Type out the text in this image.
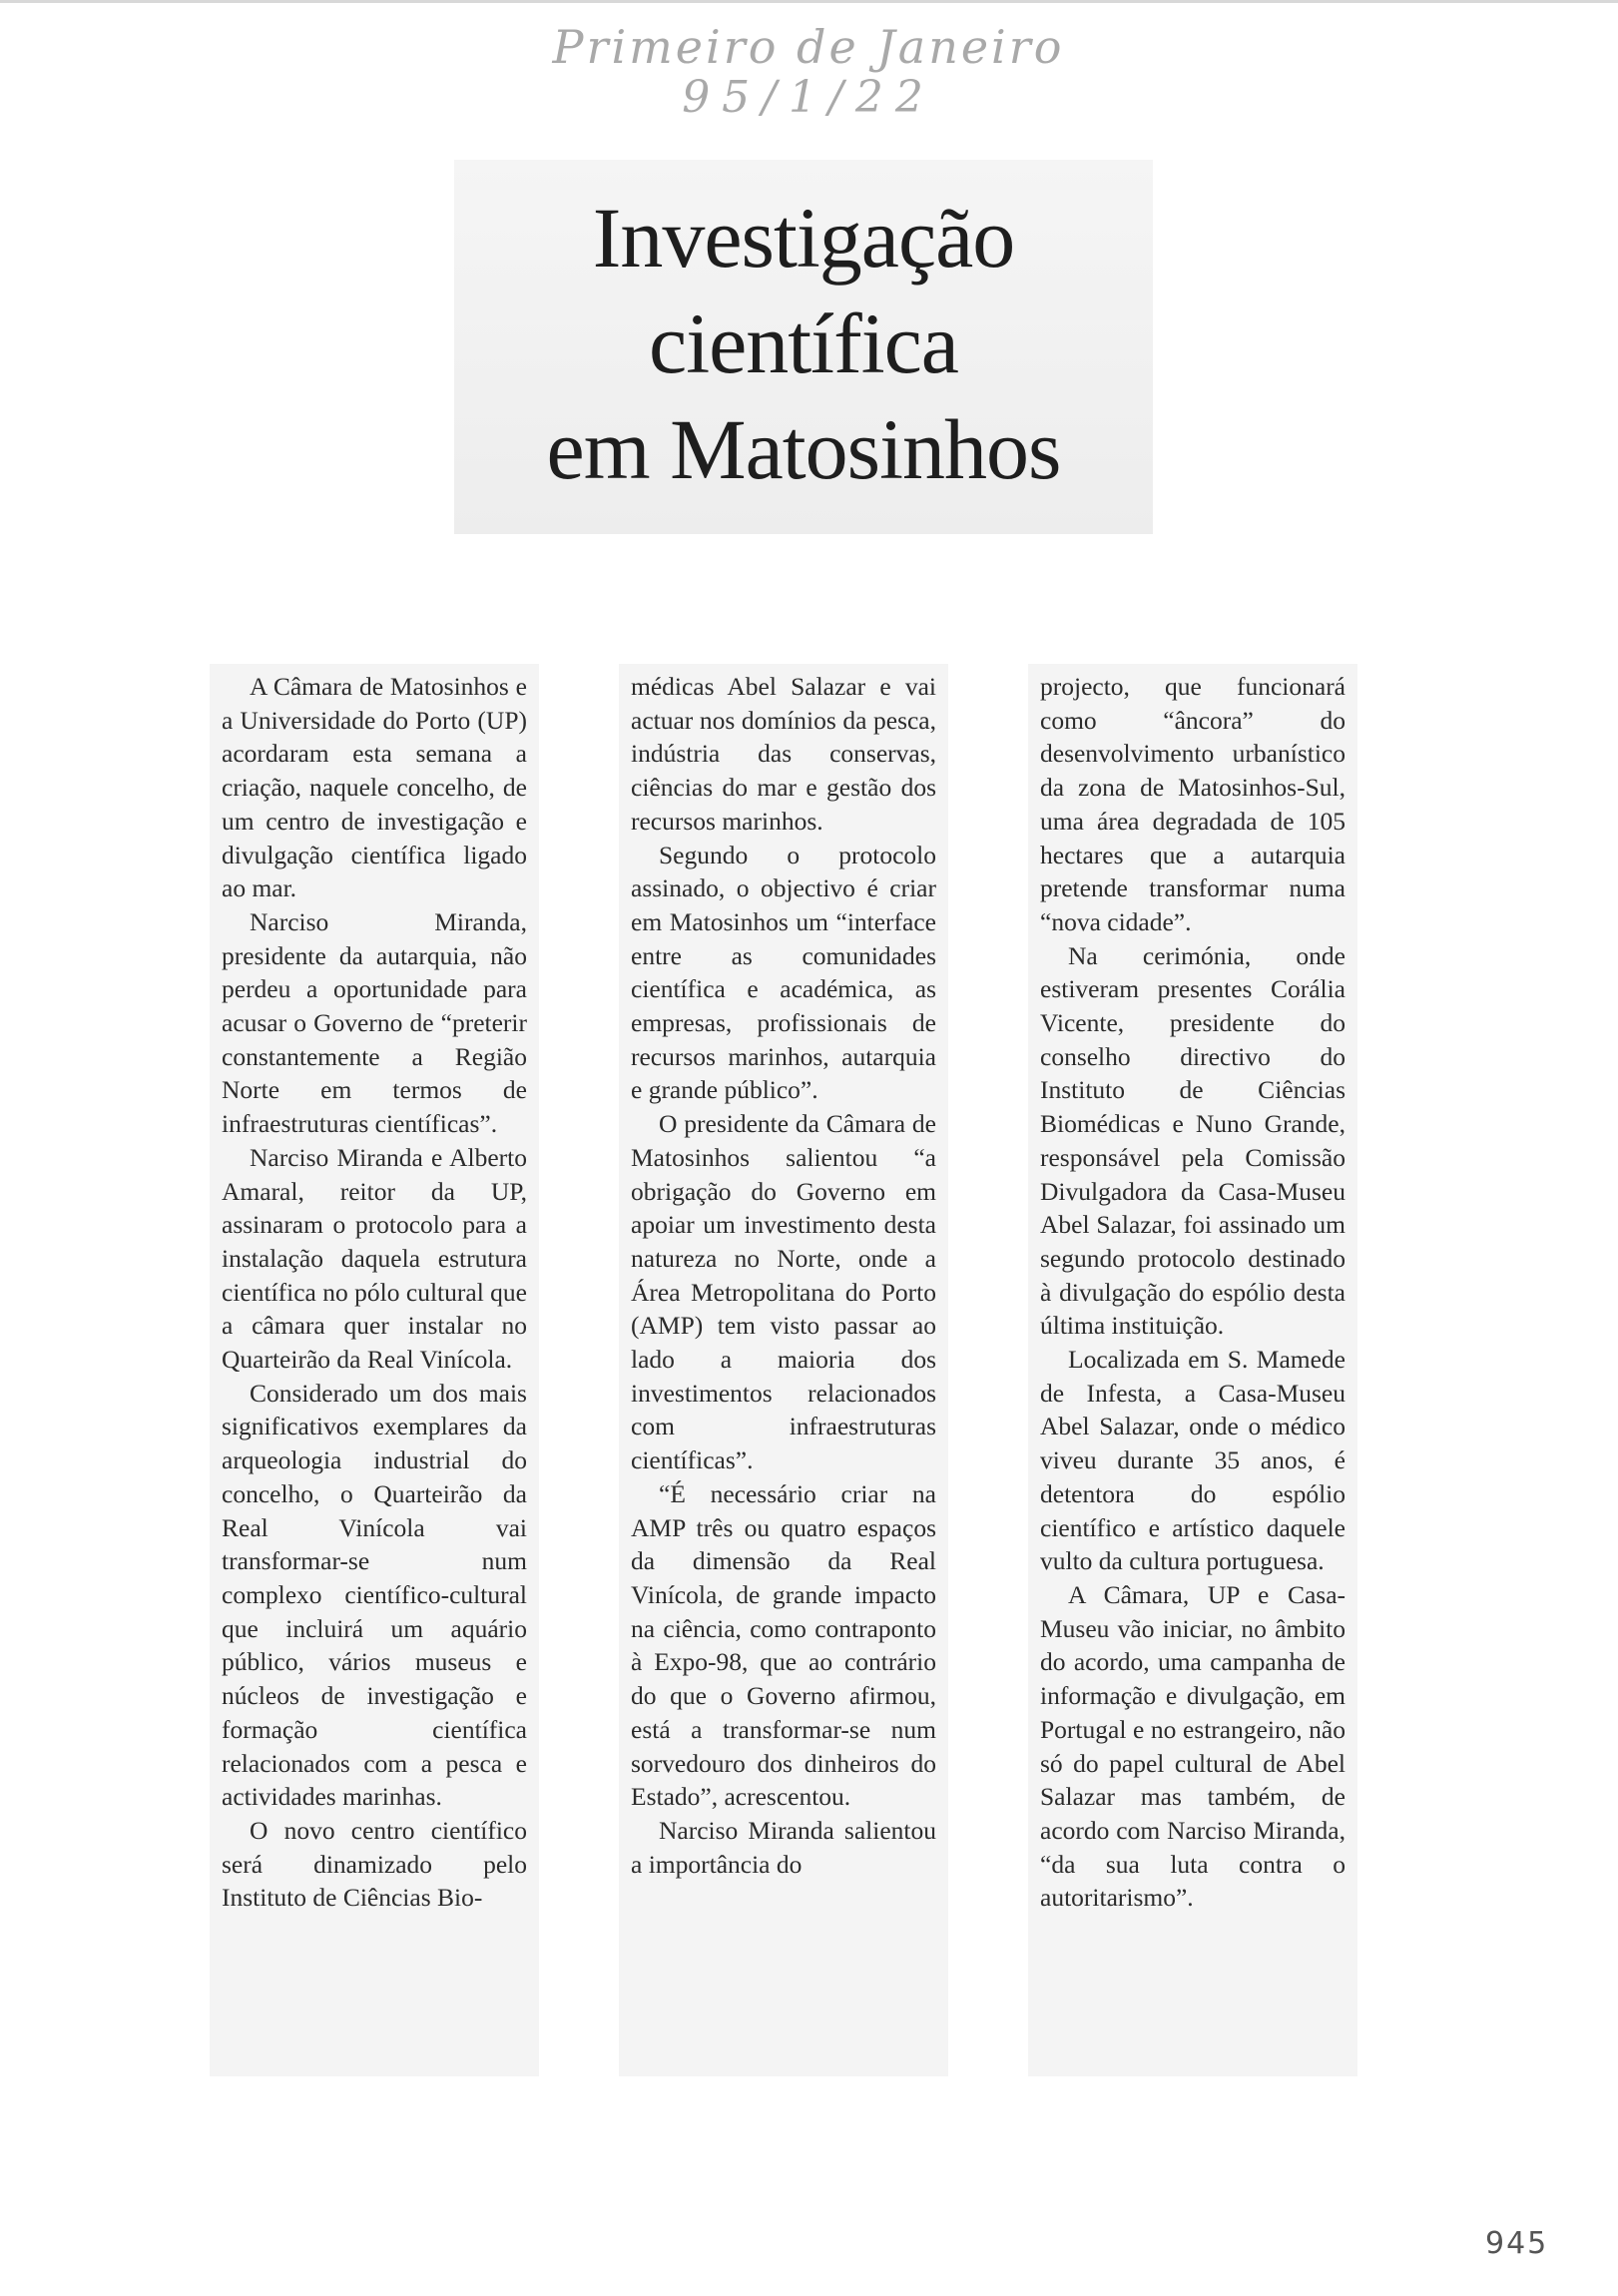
Primeiro de Janeiro
95/1/22
Investigação
científica
em Matosinhos

A Câmara de Matosinhos e a Universidade do Porto (UP) acordaram esta semana a criação, naquele concelho, de um centro de investigação e divulgação científica ligado ao mar.

Narciso Miranda, presidente da autarquia, não perdeu a oportunidade para acusar o Governo de “preterir constantemente a Região Norte em termos de infraestruturas científicas”.

Narciso Miranda e Alberto Amaral, reitor da UP, assinaram o protocolo para a instalação daquela estrutura científica no pólo cultural que a câmara quer instalar no Quarteirão da Real Vinícola.

Considerado um dos mais significativos exemplares da arqueologia industrial do concelho, o Quarteirão da Real Vinícola vai transformar-se num complexo científico-cultural que incluirá um aquário público, vários museus e núcleos de investigação e formação científica relacionados com a pesca e actividades marinhas.

O novo centro científico será dinamizado pelo Instituto de Ciências Bio-

médicas Abel Salazar e vai actuar nos domínios da pesca, indústria das conservas, ciências do mar e gestão dos recursos marinhos.

Segundo o protocolo assinado, o objectivo é criar em Matosinhos um “interface entre as comunidades científica e académica, as empresas, profissionais de recursos marinhos, autarquia e grande público”.

O presidente da Câmara de Matosinhos salientou “a obrigação do Governo em apoiar um investimento desta natureza no Norte, onde a Área Metropolitana do Porto (AMP) tem visto passar ao lado a maioria dos investimentos relacionados com infraestruturas científicas”.

“É necessário criar na AMP três ou quatro espaços da dimensão da Real Vinícola, de grande impacto na ciência, como contraponto à Expo-98, que ao contrário do que o Governo afirmou, está a transformar-se num sorvedouro dos dinheiros do Estado”, acrescentou.

Narciso Miranda salientou a importância do

projecto, que funcionará como “âncora” do desenvolvimento urbanístico da zona de Matosinhos-Sul, uma área degradada de 105 hectares que a autarquia pretende transformar numa “nova cidade”.

Na cerimónia, onde estiveram presentes Corália Vicente, presidente do conselho directivo do Instituto de Ciências Biomédicas e Nuno Grande, responsável pela Comissão Divulgadora da Casa-Museu Abel Salazar, foi assinado um segundo protocolo destinado à divulgação do espólio desta última instituição.

Localizada em S. Mamede de Infesta, a Casa-Museu Abel Salazar, onde o médico viveu durante 35 anos, é detentora do espólio científico e artístico daquele vulto da cultura portuguesa.

A Câmara, UP e Casa-Museu vão iniciar, no âmbito do acordo, uma campanha de informação e divulgação, em Portugal e no estrangeiro, não só do papel cultural de Abel Salazar mas também, de acordo com Narciso Miranda, “da sua luta contra o autoritarismo”.

945
